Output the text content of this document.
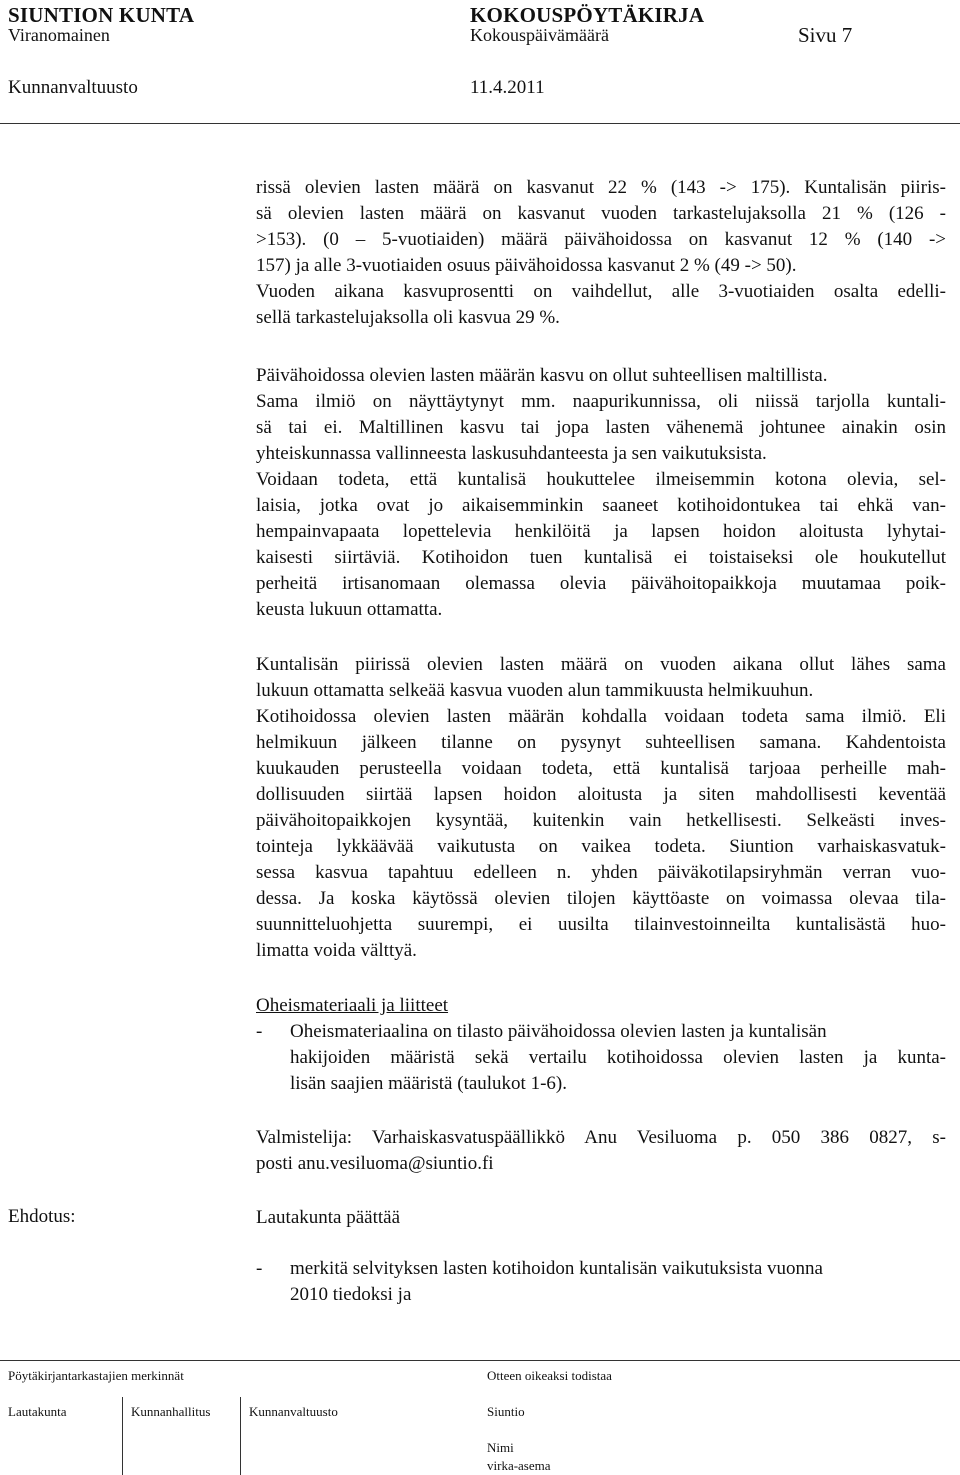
SIUNTION KUNTA	KOKOUSPÖYTÄKIRJA
Viranomainen	Kokouspäivämäärä	Sivu 7
Kunnanvaltuusto	11.4.2011
rissä olevien lasten määrä on kasvanut 22 % (143 -> 175). Kuntalisän piiris-
sä olevien lasten määrä on kasvanut vuoden tarkastelujaksolla 21 % (126 -
>153). (0 – 5-vuotiaiden) määrä päivähoidossa on kasvanut 12 % (140 ->
157) ja alle 3-vuotiaiden osuus päivähoidossa kasvanut 2 % (49 -> 50).
Vuoden aikana kasvuprosentti on vaihdellut, alle 3-vuotiaiden osalta edelli-
sellä tarkastelujaksolla oli kasvua 29 %.
Päivähoidossa olevien lasten määrän kasvu on ollut suhteellisen maltillista.
Sama ilmiö on näyttäytynyt mm. naapurikunnissa, oli niissä tarjolla kuntali-
sä tai ei. Maltillinen kasvu tai jopa lasten vähenemä johtunee ainakin osin
yhteiskunnassa vallinneesta laskusuhdanteesta ja sen vaikutuksista.
Voidaan todeta, että kuntalisä houkuttelee ilmeisemmin kotona olevia, sel-
laisia, jotka ovat jo aikaisemminkin saaneet kotihoidontukea tai ehkä van-
hempainvapaata lopettelevia henkilöitä ja lapsen hoidon aloitusta lyhytai-
kaisesti siirtäviä. Kotihoidon tuen kuntalisä ei toistaiseksi ole houkutellut
perheitä irtisanomaan olemassa olevia päivähoitopaikkoja muutamaa poik-
keusta lukuun ottamatta.
Kuntalisän piirissä olevien lasten määrä on vuoden aikana ollut lähes sama
lukuun ottamatta selkeää kasvua vuoden alun tammikuusta helmikuuhun.
Kotihoidossa olevien lasten määrän kohdalla voidaan todeta sama ilmiö. Eli
helmikuun jälkeen tilanne on pysynyt suhteellisen samana. Kahdentoista
kuukauden perusteella voidaan todeta, että kuntalisä tarjoaa perheille mah-
dollisuuden siirtää lapsen hoidon aloitusta ja siten mahdollisesti keventää
päivähoitopaikkojen kysyntää, kuitenkin vain hetkellisesti. Selkeästi inves-
tointeja lykkäävää vaikutusta on vaikea todeta. Siuntion varhaiskasvatuk-
sessa kasvua tapahtuu edelleen n. yhden päiväkotilapsiryhmän verran vuo-
dessa. Ja koska käytössä olevien tilojen käyttöaste on voimassa olevaa tila-
suunnitteluohjetta suurempi, ei uusilta tilainvestoinneilta kuntalisästä huo-
limatta voida välttyä.
Oheismateriaali ja liitteet
- Oheismateriaalina on tilasto päivähoidossa olevien lasten ja kuntalisän
hakijoiden määristä sekä vertailu kotihoidossa olevien lasten ja kunta-
lisän saajien määristä (taulukot 1-6).
Valmistelija: Varhaiskasvatuspäällikkö Anu Vesiluoma p. 050 386 0827, s-
posti anu.vesiluoma@siuntio.fi
Ehdotus:	Lautakunta päättää
- merkitä selvityksen lasten kotihoidon kuntalisän vaikutuksista vuonna
2010 tiedoksi ja
Pöytäkirjantarkastajien merkinnät	Otteen oikeaksi todistaa
Lautakunta	Kunnanhallitus	Kunnanvaltuusto	Siuntio
Nimi
virka-asema
